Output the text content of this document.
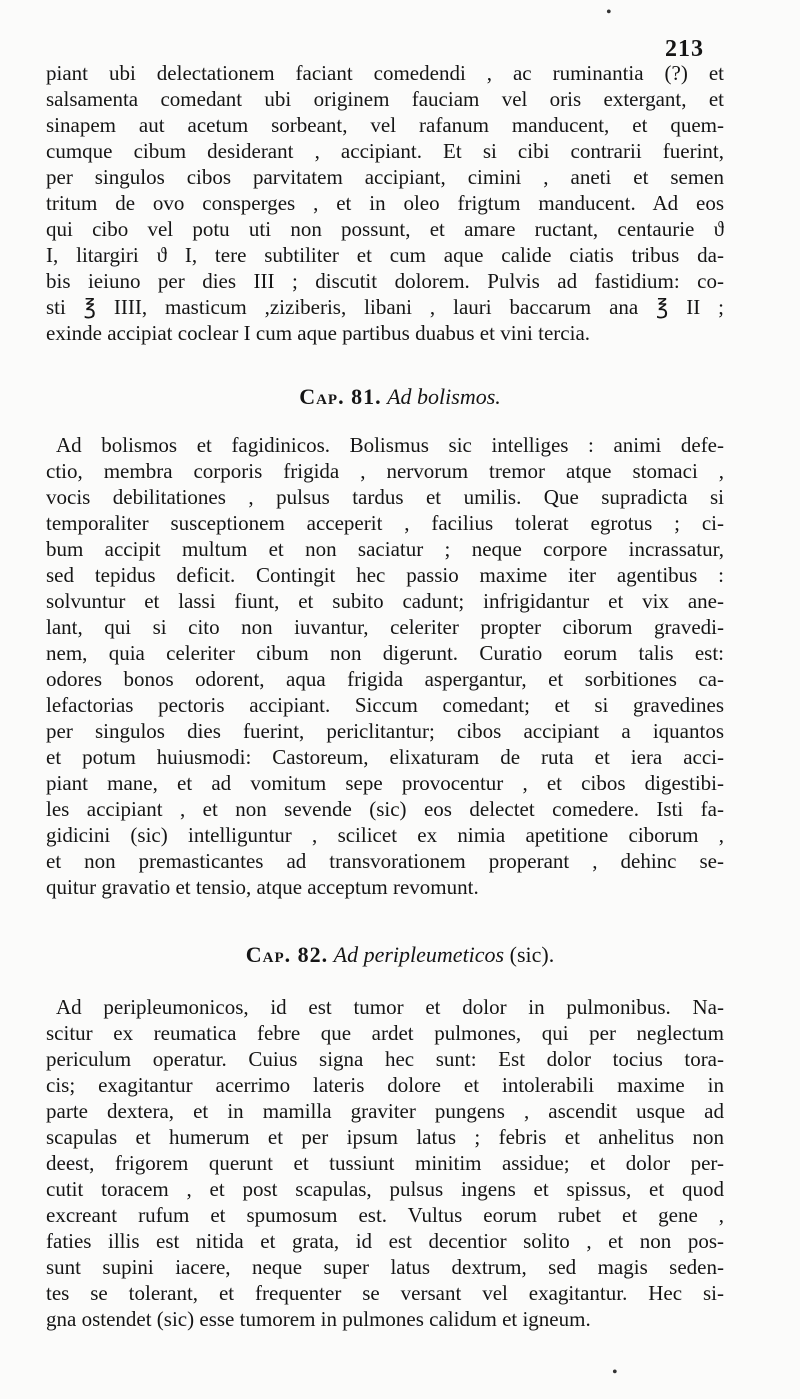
213
piant ubi delectationem faciant comedendi , ac ruminantia (?) et
salsamenta comedant ubi originem fauciam vel oris extergant, et
sinapem aut acetum sorbeant, vel rafanum manducent, et quem-
cumque cibum desiderant , accipiant. Et si cibi contrarii fuerint,
per singulos cibos parvitatem accipiant, cimini , aneti et semen
tritum de ovo consperges , et in oleo frigtum manducent. Ad eos
qui cibo vel potu uti non possunt, et amare ructant, centaurie ϑ
I, litargiri ϑ I, tere subtiliter et cum aque calide ciatis tribus da-
bis ieiuno per dies III ; discutit dolorem. Pulvis ad fastidium: co-
sti ℥ IIII, masticum ,ziziberis, libani , lauri baccarum ana ℥ II ;
exinde accipiat coclear I cum aque partibus duabus et vini tercia.
Cap. 81. Ad bolismos.
Ad bolismos et fagidinicos. Bolismus sic intelliges : animi defe-
ctio, membra corporis frigida , nervorum tremor atque stomaci ,
vocis debilitationes , pulsus tardus et umilis. Que supradicta si
temporaliter susceptionem acceperit , facilius tolerat egrotus ; ci-
bum accipit multum et non saciatur ; neque corpore incrassatur,
sed tepidus deficit. Contingit hec passio maxime iter agentibus :
solvuntur et lassi fiunt, et subito cadunt; infrigidantur et vix ane-
lant, qui si cito non iuvantur, celeriter propter ciborum gravedi-
nem, quia celeriter cibum non digerunt. Curatio eorum talis est:
odores bonos odorent, aqua frigida aspergantur, et sorbitiones ca-
lefactorias pectoris accipiant. Siccum comedant; et si gravedines
per singulos dies fuerint, periclitantur; cibos accipiant a iquantos
et potum huiusmodi: Castoreum, elixaturam de ruta et iera acci-
piant mane, et ad vomitum sepe provocentur , et cibos digestibi-
les accipiant , et non sevende (sic) eos delectet comedere. Isti fa-
gidicini (sic) intelliguntur , scilicet ex nimia apetitione ciborum ,
et non premasticantes ad transvorationem properant , dehinc se-
quitur gravatio et tensio, atque acceptum revomunt.
Cap. 82. Ad peripleumeticos (sic).
Ad peripleumonicos, id est tumor et dolor in pulmonibus. Na-
scitur ex reumatica febre que ardet pulmones, qui per neglectum
periculum operatur. Cuius signa hec sunt: Est dolor tocius tora-
cis; exagitantur acerrimo lateris dolore et intolerabili maxime in
parte dextera, et in mamilla graviter pungens , ascendit usque ad
scapulas et humerum et per ipsum latus ; febris et anhelitus non
deest, frigorem querunt et tussiunt minitim assidue; et dolor per-
cutit toracem , et post scapulas, pulsus ingens et spissus, et quod
excreant rufum et spumosum est. Vultus eorum rubet et gene ,
faties illis est nitida et grata, id est decentior solito , et non pos-
sunt supini iacere, neque super latus dextrum, sed magis seden-
tes se tolerant, et frequenter se versant vel exagitantur. Hec si-
gna ostendet (sic) esse tumorem in pulmones calidum et igneum.
•
•
